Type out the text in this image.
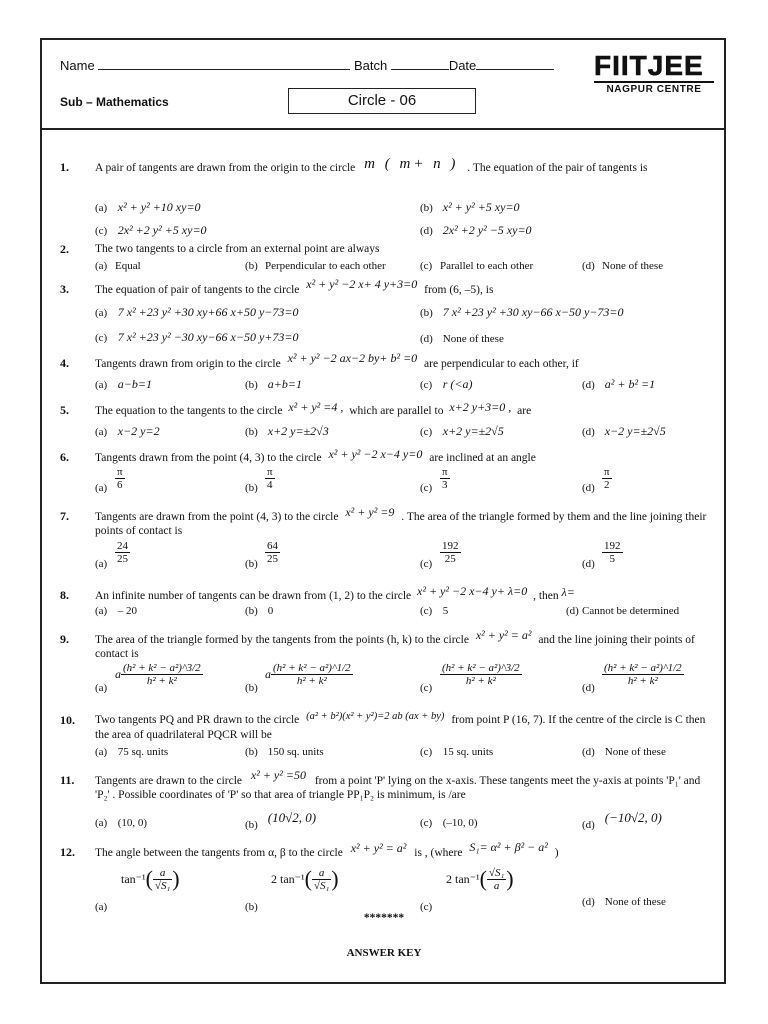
Name	Batch	Date
Sub – Mathematics	Circle - 06
FIITJEE
NAGPUR CENTRE
1. A pair of tangents are drawn from the origin to the circle m ( m+ n ) . The equation of the pair of tangents is
(a) x² + y² +10 xy=0	(b) x² + y² +5 xy=0
(c) 2x² +2 y² +5 xy=0	(d) 2x² +2 y² −5 xy=0
2. The two tangents to a circle from an external point are always
(a) Equal	(b) Perpendicular to each other	(c) Parallel to each other	(d) None of these
3. The equation of pair of tangents to the circle x² + y² −2 x+ 4 y+3=0 from (6, –5), is
(a) 7 x² +23 y² +30 xy+66 x+50 y−73=0	(b) 7 x² +23 y² +30 xy−66 x−50 y−73=0
(c) 7 x² +23 y² −30 xy−66 x−50 y+73=0	(d) None of these
4. Tangents drawn from origin to the circle x² + y² −2 ax−2 by+ b² =0 are perpendicular to each other, if
(a) a−b=1	(b) a+b=1	(c) r (<a)	(d) a² + b² =1
5. The equation to the tangents to the circle x² + y² =4 , which are parallel to x+2 y+3=0 , are
(a) x−2 y=2	(b) x+2 y=±2√3	(c) x+2 y=±2√5	(d) x−2 y=±2√5
6. Tangents drawn from the point (4, 3) to the circle x² + y² −2 x−4 y=0 are inclined at an angle
$(a) \frac{\pi}{6}$	$(b) \frac{\pi}{4}$	$(c) \frac{\pi}{3}$	$(d) \frac{\pi}{2}$
7. Tangents are drawn from the point (4, 3) to the circle x² + y² =9 . The area of the triangle formed by them and the line joining their points of contact is
$(a) \frac{24}{25}$	$(b) \frac{64}{25}$	$(c) \frac{192}{25}$	$(d) \frac{192}{5}$
8. An infinite number of tangents can be drawn from (1, 2) to the circle x² + y² −2 x−4 y+ λ=0 , then λ=
(a) – 20	(b) 0	(c) 5	(d) Cannot be determined
9. The area of the triangle formed by the tangents from the points (h, k) to the circle x² + y² = a² and the line joining their points of contact is
$(a)a \frac{\text{(h² + k² − a²)\textasciicircum{}3/2}}{\text{h² + k²}}$
$(b)a \frac{\text{(h² + k² − a²)\textasciicircum{}1/2}}{\text{h² + k²}}$
(c)
$\frac{\text{(h² + k² − a²)\textasciicircum{}3/2}}{\text{h² + k²}}$
(d)
$\frac{\text{(h² + k² − a²)\textasciicircum{}1/2}}{\text{h² + k²}}$
10. Two tangents PQ and PR drawn to the circle (a² + b²)(x² + y²)=2 ab (ax + by) from point P (16, 7). If the centre of the circle is C then the area of quadrilateral PQCR will be
(a) 75 sq. units	(b) 150 sq. units	(c) 15 sq. units	(d) None of these
11. Tangents are drawn to the circle x² + y² =50 from a point 'P' lying on the x-axis. These tangents meet the y-axis at points 'P₁' and 'P₂' . Possible coordinates of 'P' so that area of triangle PP₁P₂ is minimum, is /are
(a) (10, 0)	(b) (10√2, 0)	(c) (–10, 0)	(d) (−10√2, 0)
12. The angle between the tangents from α, β to the circle x² + y² = a² is , (where S₁= α² + β² − a² )
$(a)\tan^{-1}( \frac{a}{\text{√S₁}}$ )
(b)2 $\tan^{-1}( \frac{a}{\text{√S₁}}$ )
(c)2 $\tan^{-1}( \frac{\text{√S₁}}{a}$ )
(d) None of these
*******
ANSWER KEY
